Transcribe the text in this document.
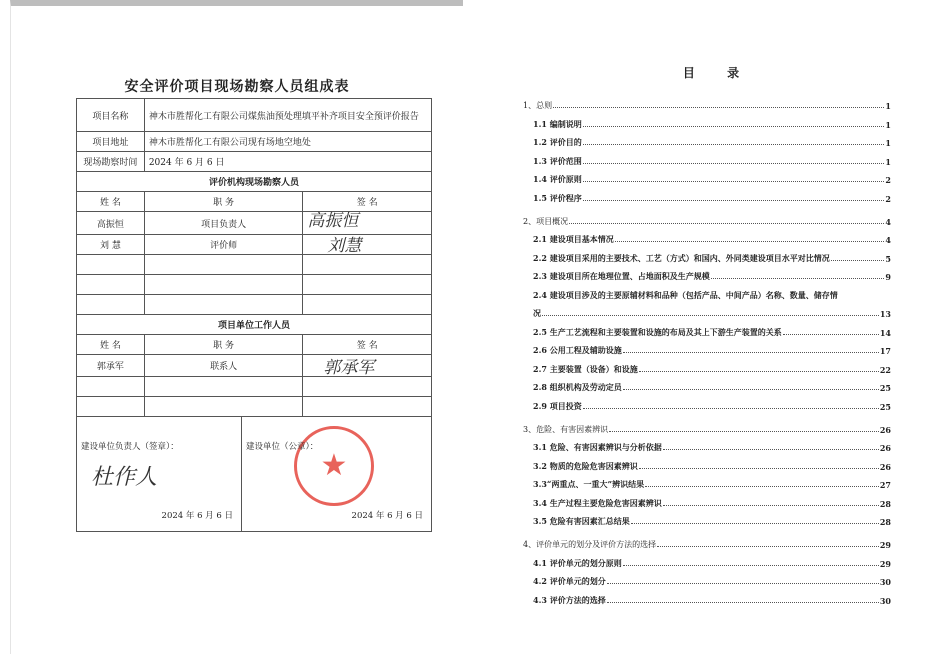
安全评价项目现场勘察人员组成表
项目名称	神木市胜帮化工有限公司煤焦油预处理填平补齐项目安全预评价报告	
项目地址	神木市胜帮化工有限公司现有场地空地处	
现场勘察时间	2024 年 6 月 6 日	
评价机构现场勘察人员		
姓 名	职 务	签 名
高振恒	项目负责人	高振恒

刘 慧	评价师	刘慧

项目单位工作人员		
姓 名	职 务	签 名
郭承军	联系人	郭承军

建设单位负责人（签章）：
杜作人
2024 年 6 月 6 日

★
建设单位（公章）：
2024 年 6 月 6 日
目 录
1、总则	1
1.1 编制说明	1
1.2 评价目的	1
1.3 评价范围	1
1.4 评价原则	2
1.5 评价程序	2
2、项目概况	4
2.1 建设项目基本情况	4
2.2 建设项目采用的主要技术、工艺（方式）和国内、外同类建设项目水平对比情况	5
2.3 建设项目所在地理位置、占地面积及生产规模	9
2.4 建设项目涉及的主要原辅材料和品种（包括产品、中间产品）名称、数量、储存情
况	13
2.5 生产工艺流程和主要装置和设施的布局及其上下游生产装置的关系	14
2.6 公用工程及辅助设施	17
2.7 主要装置（设备）和设施	22
2.8 组织机构及劳动定员	25
2.9 项目投资	25
3、危险、有害因素辨识	26
3.1 危险、有害因素辨识与分析依据	26
3.2 物质的危险危害因素辨识	26
3.3“两重点、一重大”辨识结果	27
3.4 生产过程主要危险危害因素辨识	28
3.5 危险有害因素汇总结果	28
4、评价单元的划分及评价方法的选择	29
4.1 评价单元的划分原则	29
4.2 评价单元的划分	30
4.3 评价方法的选择	30
